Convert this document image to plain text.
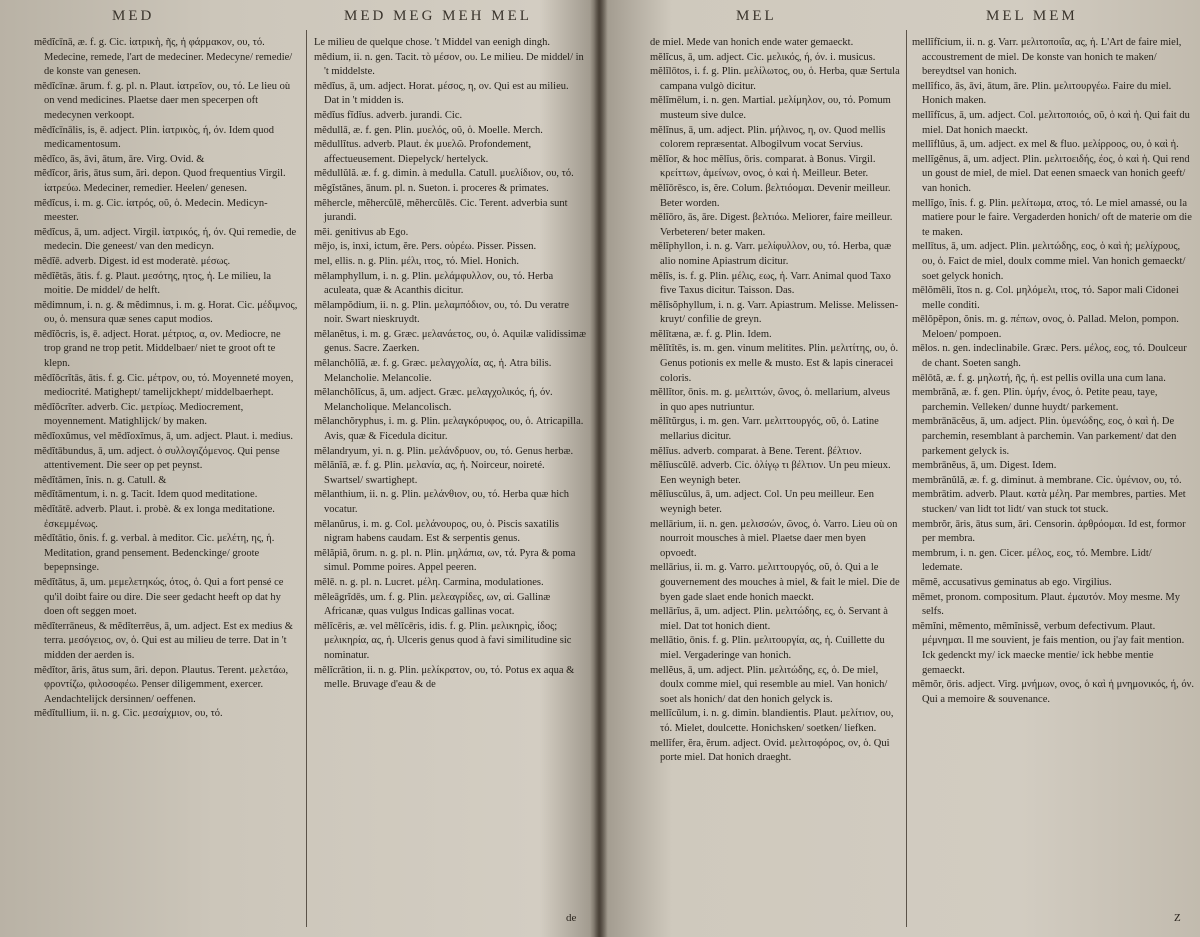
MED	MED MEG MEH MEL
mĕdĭcīnā, æ. f. g. Cic. ἰατρικὴ, ῆς, ἡ φάρμακον, ου, τό. Medecine, remede, l'art de medeciner. Medecyne/ remedie/ de konste van genesen.
mĕdĭcīnæ. ārum. f. g. pl. n. Plaut. ἰατρεῖον, ου, τό. Le lieu où on vend medicines. Plaetse daer men specerpen oft medecynen verkoopt.
mĕdĭcīnālis, is, ē. adject. Plin. ἰατρικὸς, ή, όν. Idem quod medicamentosum.
mĕdĭco, ās, āvi, ātum, āre. Virg. Ovid. &
mĕdĭcor, āris, ātus sum, āri. depon. Quod frequentius Virgil. ἰατρεύω. Medeciner, remedier. Heelen/ genesen.
mĕdĭcus, i. m. g. Cic. ἰατρός, οῦ, ὁ. Medecin. Medicyn-meester.
mĕdĭcus, ā, um. adject. Virgil. ἰατρικός, ή, όν. Qui remedie, de medecin. Die geneest/ van den medicyn.
mĕdĭē. adverb. Digest. id est moderatè. μέσως.
mĕdĭĕtās, ātis. f. g. Plaut. μεσότης, ητος, ἡ. Le milieu, la moitie. De middel/ de helft.
mĕdimnum, i. n. g. & mĕdimnus, i. m. g. Horat. Cic. μέδιμνος, ου, ὁ. mensura quæ senes caput modios.
mĕdĭŏcris, is, ē. adject. Horat. μέτριος, α, ον. Mediocre, ne trop grand ne trop petit. Middelbaer/ niet te groot oft te klepn.
mĕdĭŏcrĭtās, ātis. f. g. Cic. μέτρον, ου, τό. Moyenneté moyen, mediocrité. Matighept/ tamelijckhept/ middelbaerhept.
mĕdĭŏcrĭter. adverb. Cic. μετρίως. Mediocrement, moyennement. Matighlijck/ by maken.
mĕdĭoxŭmus, vel mĕdĭoxĭmus, ā, um. adject. Plaut. i. medius.
mĕdĭtābundus, ā, um. adject. ὁ συλλογιζόμενος. Qui pense attentivement. Die seer op pet peynst.
mĕdĭtāmen, ĭnis. n. g. Catull. &
mĕdĭtāmentum, i. n. g. Tacit. Idem quod meditatione.
mĕdĭtātē. adverb. Plaut. i. probè. & ex longa meditatione. ἐσκεμμένως.
mĕdĭtātio, ōnis. f. g. verbal. à meditor. Cic. μελέτη, ης, ἡ. Meditation, grand pensement. Bedenckinge/ groote bepepnsinge.
mĕdĭtātus, ā, um. μεμελετηκώς, ότος, ὁ. Qui a fort pensé ce qu'il doibt faire ou dire. Die seer gedacht heeft op dat hy doen oft seggen moet.
mĕdĭterrāneus, & mĕdĭterrēus, ā, um. adject. Est ex medius & terra. μεσόγειος, ον, ὁ. Qui est au milieu de terre. Dat in 't midden der aerden is.
mĕdĭtor, āris, ātus sum, āri. depon. Plautus. Terent. μελετάω, φροντίζω, φιλοσοφέω. Penser diligemment, exercer. Aendachtelijck dersinnen/ oeffenen.
mĕdĭtullium, ii. n. g. Cic. μεσαίχμιον, ου, τό.
Le milieu de quelque chose. 't Middel van eenigh dingh.
mĕdium, ii. n. gen. Tacit. τὸ μέσον, ου. Le milieu. De middel/ in 't middelste.
mĕdĭus, ā, um. adject. Horat. μέσος, η, ον. Qui est au milieu. Dat in 't midden is.
mĕdĭus fĭdĭus. adverb. jurandi. Cic.
mĕdullā, æ. f. gen. Plin. μυελός, οῦ, ὁ. Moelle. Merch.
mĕdullĭtus. adverb. Plaut. ἐκ μυελῶ. Profondement, affectueusement. Diepelyck/ hertelyck.
mĕdullŭlă. æ. f. g. dimin. à medulla. Catull. μυελίδιον, ου, τό.
mĕgĭstānes, ānum. pl. n. Sueton. i. proceres & primates.
mĕhercle, mĕhercŭlē, mĕhercŭlēs. Cic. Terent. adverbia sunt jurandi.
mĕi. genitivus ab Ego.
mējo, is, inxi, ictum, ĕre. Pers. οὐρέω. Pisser. Pissen.
mel, ellis. n. g. Plin. μέλι, ιτος, τό. Miel. Honich.
mĕlamphyllum, i. n. g. Plin. μελάμφυλλον, ου, τό. Herba aculeata, quæ & Acanthis dicitur.
mĕlampŏdium, ii. n. g. Plin. μελαμπόδιον, ου, τό. Du veratre noir. Swart nieskruydt.
mĕlanĕtus, i. m. g. Græc. μελανάετος, ου, ὁ. Aquilæ validissimæ genus. Sacre. Zaerken.
mĕlanchŏlĭă, æ. f. g. Græc. μελαγχολία, ας, ἡ. Atra bilis. Melancholie. Melancolie.
mĕlanchŏlĭcus, ā, um. adject. Græc. μελαγχολικός, ή, όν. Melancholique. Melancolisch.
mĕlanchŏryphus, i. m. g. Plin. μελαγκόρυφος, ου, ὁ. Atricapilla. Avis, quæ & Ficedula dicitur.
mĕlandryum, yi. n. g. Plin. μελάνδρυον, ου, τό. Genus herbæ.
mĕlănĭă, æ. f. g. Plin. μελανία, ας, ἡ. Noirceur, noireté. Swartsel/ swartighept.
mĕlanthium, ii. n. g. Plin. μελάνθιον, ου, τό. Herba quæ hich vocatur.
mĕlanŭrus, i. m. g. Col. μελάνουρος, ου, ὁ. Piscis saxatilis nigram habens caudam. Est & serpentis genus.
mĕlăpiă, ōrum. n. g. pl. n. Plin. μηλάπια, ων, τά. Pyra & poma simul. Pomme poires. Appel peeren.
mĕlē. n. g. pl. n. Lucret. μέλη. Carmina, modulationes.
mĕleāgrĭdēs, um. f. g. Plin. μελεαγρίδες, ων, αἱ. Gallinæ Africanæ, quas vulgus Indicas gallinas vocat.
mĕlĭcēris, æ. vel mĕlĭcēris, idis. f. g. Plin. μελικηρὶς, ίδος; μελικηρία, ας, ἡ. Ulceris genus quod à favi similitudine sic nominatur.
mĕlĭcrātion, ii. n. g. Plin. μελίκρατον, ου, τό. Potus ex aqua & melle. Bruvage d'eau & de
de
MEL	MEL MEM
de miel. Mede van honich ende water gemaeckt.
mĕlĭcus, ā, um. adject. Cic. μελικός, ή, όν. i. musicus.
mĕlĭlōtos, i. f. g. Plin. μελίλωτος, ου, ὁ. Herba, quæ Sertula campana vulgò dicitur.
mĕlĭmēlum, i. n. gen. Martial. μελίμηλον, ου, τό. Pomum musteum sive dulce.
mĕlĭnus, ā, um. adject. Plin. μήλινος, η, ον. Quod mellis colorem repræsentat. Albogilvum vocat Servius.
mĕlĭor, & hoc mĕlĭus, ōris. comparat. à Bonus. Virgil. κρείττων, ἀμείνων, ονος, ὁ καὶ ἡ. Meilleur. Beter.
mĕlĭōrēsco, is, ĕre. Colum. βελτιόομαι. Devenir meilleur. Beter worden.
mĕlĭōro, ās, āre. Digest. βελτιόω. Meliorer, faire meilleur. Verbeteren/ beter maken.
mĕlĭphyllon, i. n. g. Varr. μελίφυλλον, ου, τό. Herba, quæ alio nomine Apiastrum dicitur.
mĕlĭs, is. f. g. Plin. μέλις, εως, ἡ. Varr. Animal quod Taxo five Taxus dicitur. Taisson. Das.
mĕlĭsŏphyllum, i. n. g. Varr. Apiastrum. Melisse. Melissen-kruyt/ confilie de greyn.
mĕlĭtæna, æ. f. g. Plin. Idem.
mĕlĭtĭtēs, is. m. gen. vinum melitites. Plin. μελιτίτης, ου, ὁ. Genus potionis ex melle & musto. Est & lapis cineracei coloris.
mĕllĭtor, ōnis. m. g. μελιττών, ῶνος, ὁ. mellarium, alveus in quo apes nutriuntur.
mĕlĭtŭrgus, i. m. gen. Varr. μελιττουργός, οῦ, ὁ. Latine mellarius dicitur.
mĕlĭus. adverb. comparat. à Bene. Terent. βέλτιον.
mĕlĭuscŭlē. adverb. Cic. ὀλίγῳ τι βέλτιον. Un peu mieux. Een weynigh beter.
mĕlĭuscŭlus, ā, um. adject. Col. Un peu meilleur. Een weynigh beter.
mellārium, ii. n. gen. μελισσών, ῶνος, ὁ. Varro. Lieu où on nourroit mousches à miel. Plaetse daer men byen opvoedt.
mellārius, ii. m. g. Varro. μελιττουργός, οῦ, ὁ. Qui a le gouvernement des mouches à miel, & fait le miel. Die de byen gade slaet ende honich maeckt.
mellārĭus, ā, um. adject. Plin. μελιτώδης, ες, ὁ. Servant à miel. Dat tot honich dient.
mellātio, ōnis. f. g. Plin. μελιτουργία, ας, ἡ. Cuillette du miel. Vergaderinge van honich.
mellĕus, ā, um. adject. Plin. μελιτώδης, ες, ὁ. De miel, doulx comme miel, qui resemble au miel. Van honich/ soet als honich/ dat den honich gelyck is.
mellĭcŭlum, i. n. g. dimin. blandientis. Plaut. μελίτιον, ου, τό. Mielet, doulcette. Honichsken/ soetken/ liefken.
mellĭfer, ĕra, ĕrum. adject. Ovid. μελιτοφόρος, ον, ὁ. Qui porte miel. Dat honich draeght.
mellĭfĭcium, ii. n. g. Varr. μελιτοποιΐα, ας, ἡ. L'Art de faire miel, accoustrement de miel. De konste van honich te maken/ bereydtsel van honich.
mellĭfico, ās, āvi, ātum, āre. Plin. μελιτουργέω. Faire du miel. Honich maken.
mellĭfĭcus, ā, um. adject. Col. μελιτοποιός, οῦ, ὁ καὶ ἡ. Qui fait du miel. Dat honich maeckt.
mellĭflŭus, ā, um. adject. ex mel & fluo. μελίρροος, ου, ὁ καὶ ἡ.
mellĭgĕnus, ā, um. adject. Plin. μελιτοειδής, έος, ὁ καὶ ἡ. Qui rend un goust de miel, de miel. Dat eenen smaeck van honich geeft/ van honich.
mellĭgo, ĭnis. f. g. Plin. μελίτωμα, ατος, τό. Le miel amassé, ou la matiere pour le faire. Vergaderden honich/ oft de materie om die te maken.
mellītus, ā, um. adject. Plin. μελιτώδης, εος, ὁ καὶ ἡ; μελίχρους, ου, ὁ. Faict de miel, doulx comme miel. Van honich gemaeckt/ soet gelyck honich.
mēlŏmēli, ĭtos n. g. Col. μηλόμελι, ιτος, τό. Sapor mali Cidonei melle conditi.
mēlŏpĕpon, ŏnis. m. g. πέπων, ονος, ὁ. Pallad. Melon, pompon. Meloen/ pompoen.
mēlos. n. gen. indeclinabile. Græc. Pers. μέλος, εος, τό. Doulceur de chant. Soeten sangh.
mēlōtă, æ. f. g. μηλωτή, ῆς, ἡ. est pellis ovilla una cum lana.
membrānă, æ. f. gen. Plin. ὑμήν, ένος, ὁ. Petite peau, taye, parchemin. Velleken/ dunne huydt/ parkement.
membrānācĕus, ā, um. adject. Plin. ὑμενώδης, εος, ὁ καὶ ἡ. De parchemin, resemblant à parchemin. Van parkement/ dat den parkement gelyck is.
membrānĕus, ā, um. Digest. Idem.
membrānŭlă, æ. f. g. diminut. à membrane. Cic. ὑμένιον, ου, τό.
membrātim. adverb. Plaut. κατὰ μέλη. Par membres, parties. Met stucken/ van lidt tot lidt/ van stuck tot stuck.
membrŏr, āris, ātus sum, āri. Censorin. ἀρθρόομαι. Id est, formor per membra.
membrum, i. n. gen. Cicer. μέλος, εος, τό. Membre. Lidt/ ledemate.
mēmĕ, accusativus geminatus ab ego. Virgilius.
mēmet, pronom. compositum. Plaut. ἐμαυτόν. Moy mesme. My selfs.
mĕmĭni, mĕmento, mĕmĭnissĕ, verbum defectivum. Plaut. μέμνημαι. Il me souvient, je fais mention, ou j'ay fait mention. Ick gedenckt my/ ick maecke mentie/ ick hebbe mentie gemaeckt.
mĕmŏr, ōris. adject. Virg. μνήμων, ονος, ὁ καὶ ἡ μνημονικός, ή, όν. Qui a memoire & souvenance.
Z
